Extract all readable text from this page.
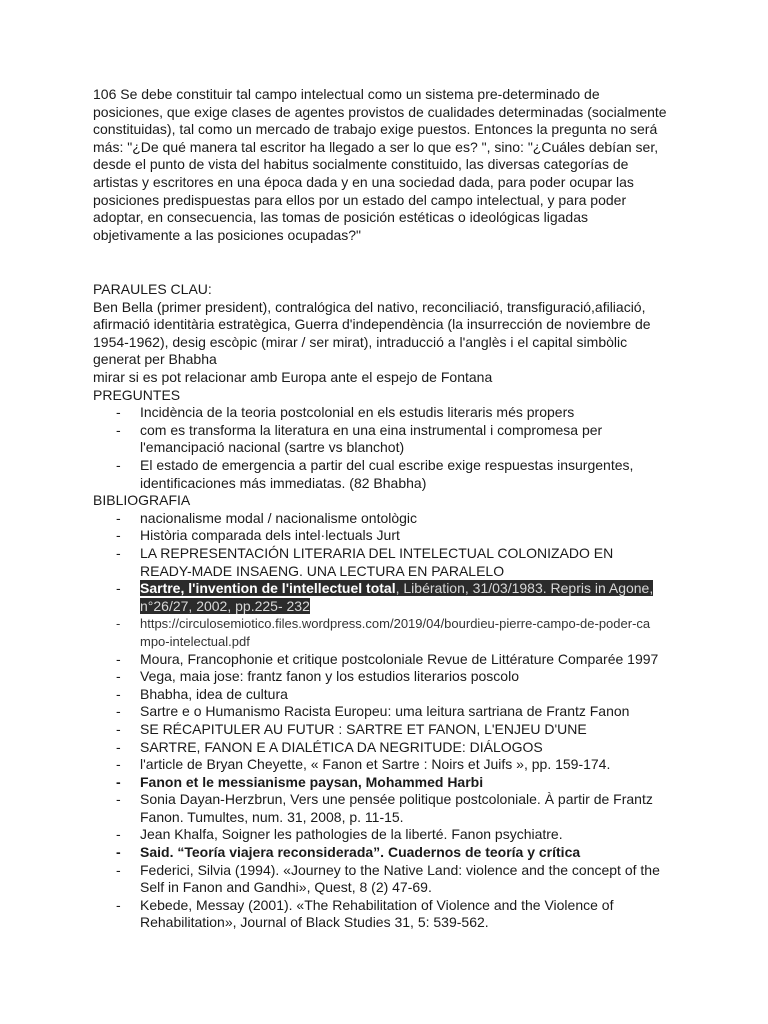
106 Se debe constituir tal campo intelectual como un sistema pre-determinado de
posiciones, que exige clases de agentes provistos de cualidades determinadas (socialmente
constituidas), tal como un mercado de trabajo exige puestos. Entonces la pregunta no será
más: "¿De qué manera tal escritor ha llegado a ser lo que es? ", sino: "¿Cuáles debían ser,
desde el punto de vista del habitus socialmente constituido, las diversas categorías de
artistas y escritores en una época dada y en una sociedad dada, para poder ocupar las
posiciones predispuestas para ellos por un estado del campo intelectual, y para poder
adoptar, en consecuencia, las tomas de posición estéticas o ideológicas ligadas
objetivamente a las posiciones ocupadas?"

PARAULES CLAU:

Ben Bella (primer president), contralógica del nativo, reconciliació, transfiguració,afiliació,
afirmació identitària estratègica, Guerra d'independència (la insurrección de noviembre de
1954-1962), desig escòpic (mirar / ser mirat), intraducció a l'anglès i el capital simbòlic
generat per Bhabha
mirar si es pot relacionar amb Europa ante el espejo de Fontana

PREGUNTES
- Incidència de la teoria postcolonial en els estudis literaris més propers
- com es transforma la literatura en una eina instrumental i compromesa per
l'emancipació nacional (sartre vs blanchot)
- El estado de emergencia a partir del cual escribe exige respuestas insurgentes,
identificaciones más immediatas. (82 Bhabha)
BIBLIOGRAFIA
- nacionalisme modal / nacionalisme ontològic
- Història comparada dels intel·lectuals Jurt
- LA REPRESENTACIÓN LITERARIA DEL INTELECTUAL COLONIZADO EN
READY-MADE INSAENG. UNA LECTURA EN PARALELO
- Sartre, l'invention de l'intellectuel total, Libération, 31/03/1983. Repris in Agone,
n°26/27, 2002, pp.225- 232
- https://circulosemiotico.files.wordpress.com/2019/04/bourdieu-pierre-campo-de-poder-ca
mpo-intelectual.pdf
- Moura, Francophonie et critique postcoloniale Revue de Littérature Comparée 1997
- Vega, maia jose: frantz fanon y los estudios literarios poscolo
- Bhabha, idea de cultura
- Sartre e o Humanismo Racista Europeu: uma leitura sartriana de Frantz Fanon
- SE RÉCAPITULER AU FUTUR : SARTRE ET FANON, L'ENJEU D'UNE
- SARTRE, FANON E A DIALÉTICA DA NEGRITUDE: DIÁLOGOS
- l'article de Bryan Cheyette, « Fanon et Sartre : Noirs et Juifs », pp. 159-174.
- Fanon et le messianisme paysan, Mohammed Harbi
- Sonia Dayan-Herzbrun, Vers une pensée politique postcoloniale. À partir de Frantz
Fanon. Tumultes, num. 31, 2008, p. 11-15.
- Jean Khalfa, Soigner les pathologies de la liberté. Fanon psychiatre.
- Said. “Teoría viajera reconsiderada”. Cuadernos de teoría y crítica
- Federici, Silvia (1994). «Journey to the Native Land: violence and the concept of the
Self in Fanon and Gandhi», Quest, 8 (2) 47-69.
- Kebede, Messay (2001). «The Rehabilitation of Violence and the Violence of
Rehabilitation», Journal of Black Studies 31, 5: 539-562.
